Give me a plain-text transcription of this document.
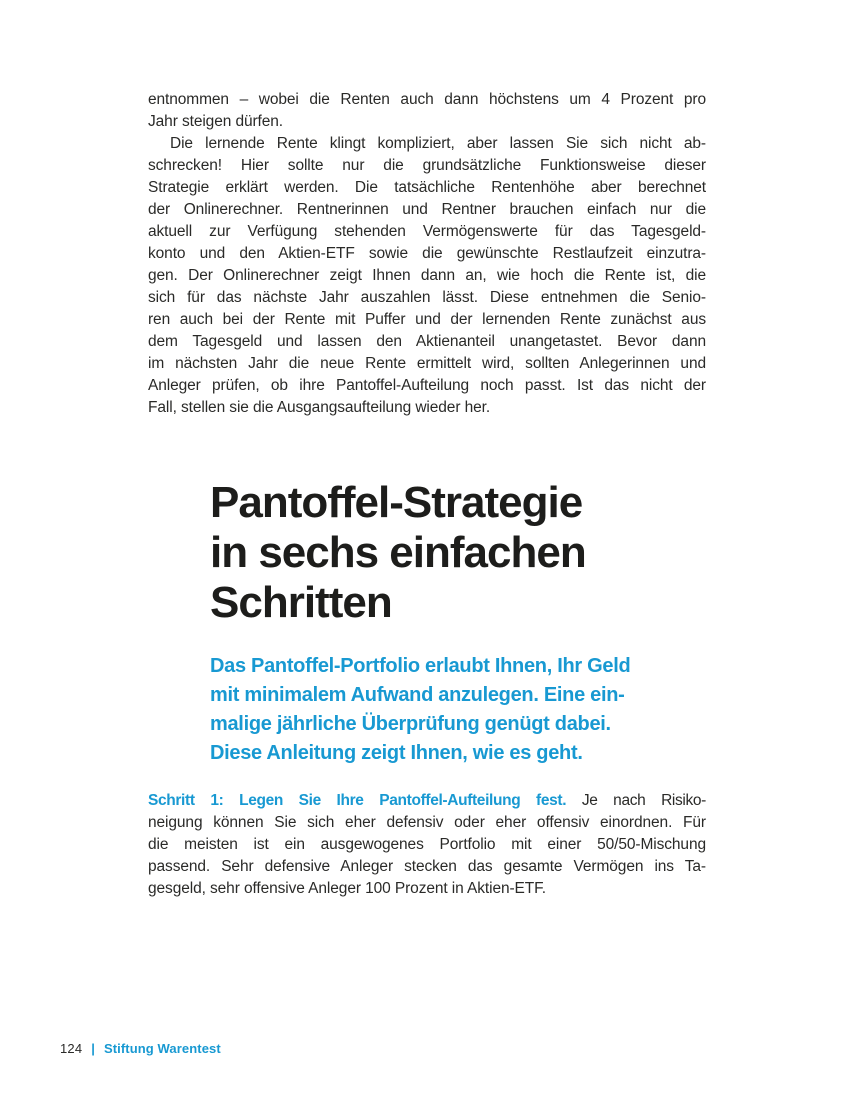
entnommen – wobei die Renten auch dann höchstens um 4 Prozent pro
Jahr steigen dürfen.
Die lernende Rente klingt kompliziert, aber lassen Sie sich nicht ab-
schrecken! Hier sollte nur die grundsätzliche Funktionsweise dieser
Strategie erklärt werden. Die tatsächliche Rentenhöhe aber berechnet
der Onlinerechner. Rentnerinnen und Rentner brauchen einfach nur die
aktuell zur Verfügung stehenden Vermögenswerte für das Tagesgeld-
konto und den Aktien-ETF sowie die gewünschte Restlaufzeit einzutra-
gen. Der Onlinerechner zeigt Ihnen dann an, wie hoch die Rente ist, die
sich für das nächste Jahr auszahlen lässt. Diese entnehmen die Senio-
ren auch bei der Rente mit Puffer und der lernenden Rente zunächst aus
dem Tagesgeld und lassen den Aktienanteil unangetastet. Bevor dann
im nächsten Jahr die neue Rente ermittelt wird, sollten Anlegerinnen und
Anleger prüfen, ob ihre Pantoffel-Aufteilung noch passt. Ist das nicht der
Fall, stellen sie die Ausgangsaufteilung wieder her.
Pantoffel-Strategie
in sechs einfachen
Schritten
Das Pantoffel-Portfolio erlaubt Ihnen, Ihr Geld
mit minimalem Aufwand anzulegen. Eine ein-
malige jährliche Überprüfung genügt dabei.
Diese Anleitung zeigt Ihnen, wie es geht.
Schritt 1: Legen Sie Ihre Pantoffel-Aufteilung fest. Je nach Risiko-
neigung können Sie sich eher defensiv oder eher offensiv einordnen. Für
die meisten ist ein ausgewogenes Portfolio mit einer 50/50-Mischung
passend. Sehr defensive Anleger stecken das gesamte Vermögen ins Ta-
gesgeld, sehr offensive Anleger 100 Prozent in Aktien-ETF.
124 | Stiftung Warentest
